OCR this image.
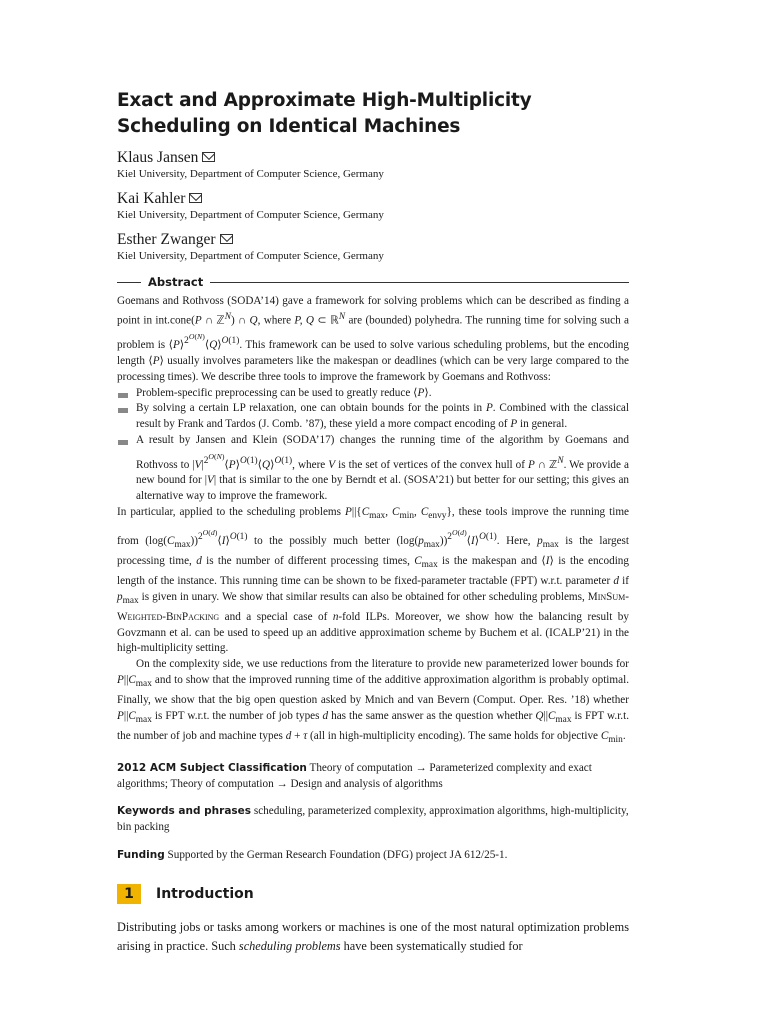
Exact and Approximate High-Multiplicity
Scheduling on Identical Machines
Klaus Jansen
Kiel University, Department of Computer Science, Germany
Kai Kahler
Kiel University, Department of Computer Science, Germany
Esther Zwanger
Kiel University, Department of Computer Science, Germany
Abstract

Goemans and Rothvoss (SODA’14) gave a framework for solving problems which can be described as finding a point in int.cone(P ∩ ℤ$^N$) ∩ Q, where P, Q ⊂ ℝ$^N$ are (bounded) polyhedra. The running time for solving such a problem is ⟨P⟩$^{2^{O(N)}}$⟨Q⟩$^{O(1)}$. This framework can be used to solve various scheduling problems, but the encoding length ⟨P⟩ usually involves parameters like the makespan or deadlines (which can be very large compared to the processing times). We describe three tools to improve the framework by Goemans and Rothvoss:

Problem-specific preprocessing can be used to greatly reduce ⟨P⟩.
By solving a certain LP relaxation, one can obtain bounds for the points in P. Combined with the classical result by Frank and Tardos (J. Comb. ’87), these yield a more compact encoding of P in general.
A result by Jansen and Klein (SODA’17) changes the running time of the algorithm by Goemans and Rothvoss to $|V|^{2^{O(N)}}⟨P⟩^{O(1)}⟨Q⟩^{O(1)}$, where V is the set of vertices of the convex hull of P ∩ ℤ$^N$. We provide a new bound for |V| that is similar to the one by Berndt et al. (SOSA’21) but better for our setting; this gives an alternative way to improve the framework.

In particular, applied to the scheduling problems $P||\{C_{max}$, $C_{min}$, $C_{envy}$}, these tools improve the running time from $(\log(C_{max}))^{2^{O(d)}}⟨I⟩^{O(1)}$ to the possibly much better $(\log(p_{max}))^{2^{O(d)}}⟨I⟩^{O(1)}$. Here, $p_{max}$ is the largest processing time, d is the number of different processing times, $C_{max}$ is the makespan and ⟨I⟩ is the encoding length of the instance. This running time can be shown to be fixed-parameter tractable (FPT) w.r.t. parameter d if $p_{max}$ is given in unary. We show that similar results can also be obtained for other scheduling problems, MinSum-Weighted-BinPacking and a special case of n-fold ILPs. Moreover, we show how the balancing result by Govzmann et al. can be used to speed up an additive approximation scheme by Buchem et al. (ICALP’21) in the high-multiplicity setting.

On the complexity side, we use reductions from the literature to provide new parameterized lower bounds for $P||C_{max}$ and to show that the improved running time of the additive approximation algorithm is probably optimal. Finally, we show that the big open question asked by Mnich and van Bevern (Comput. Oper. Res. ’18) whether $P||C_{max}$ is FPT w.r.t. the number of job types d has the same answer as the question whether $Q||C_{max}$ is FPT w.r.t. the number of job and machine types d + τ (all in high-multiplicity encoding). The same holds for objective $C_{min}$.

2012 ACM Subject Classification Theory of computation → Parameterized complexity and exact algorithms; Theory of computation → Design and analysis of algorithms
Keywords and phrases scheduling, parameterized complexity, approximation algorithms, high-multiplicity, bin packing
Funding Supported by the German Research Foundation (DFG) project JA 612/25-1.
1	Introduction
Distributing jobs or tasks among workers or machines is one of the most natural optimization problems arising in practice. Such scheduling problems have been systematically studied for
